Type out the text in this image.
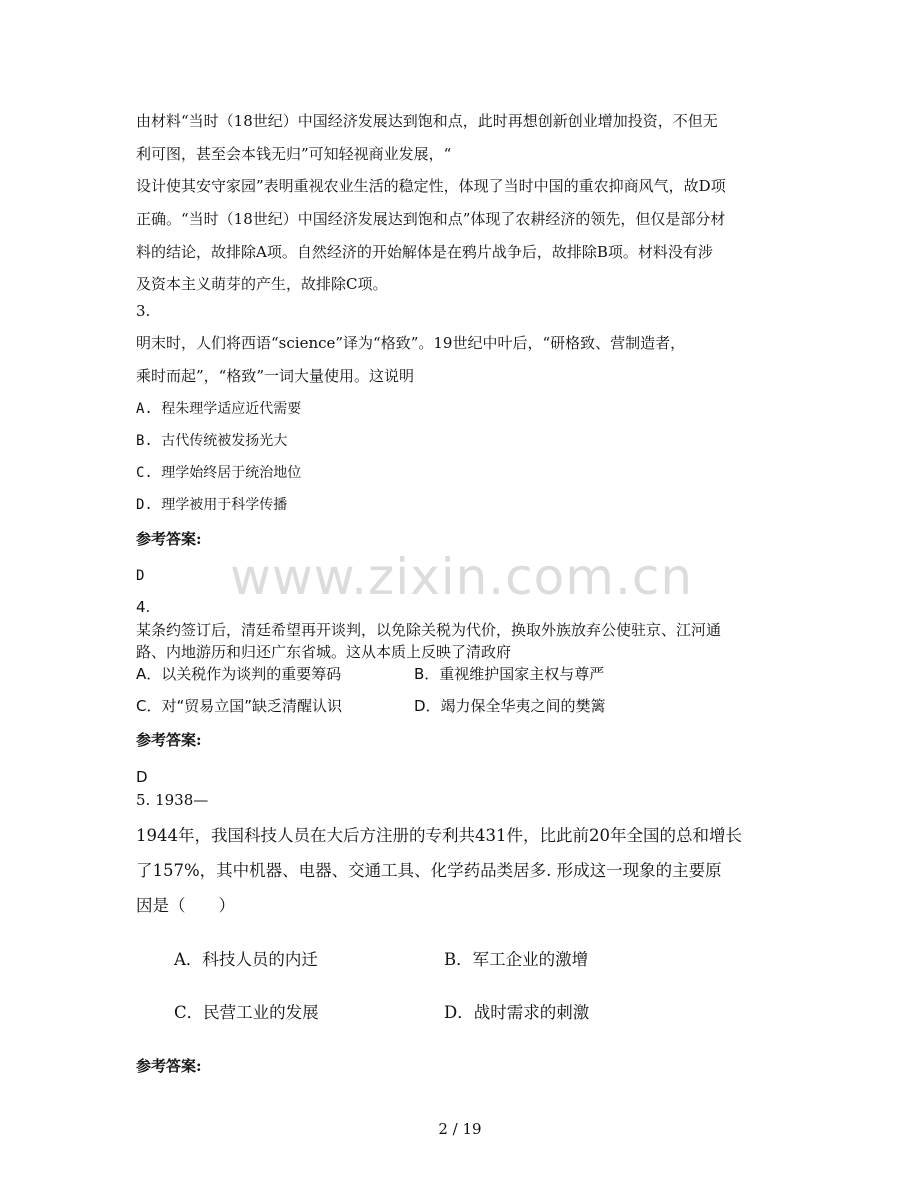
www.zixin.com.cn
由材料“当时（18世纪）中国经济发展达到饱和点，此时再想创新创业增加投资，不但无
利可图，甚至会本钱无归”可知轻视商业发展，“
设计使其安守家园”表明重视农业生活的稳定性，体现了当时中国的重农抑商风气，故D项
正确。“当时（18世纪）中国经济发展达到饱和点”体现了农耕经济的领先，但仅是部分材
料的结论，故排除A项。自然经济的开始解体是在鸦片战争后，故排除B项。材料没有涉
及资本主义萌芽的产生，故排除C项。
3.
明末时，人们将西语“science”译为“格致”。19世纪中叶后，“研格致、营制造者，
乘时而起”，“格致”一词大量使用。这说明
A. 程朱理学适应近代需要
B. 古代传统被发扬光大
C. 理学始终居于统治地位
D. 理学被用于科学传播
参考答案:
D
4.
某条约签订后，清廷希望再开谈判，以免除关税为代价，换取外族放弃公使驻京、江河通
路、内地游历和归还广东省城。这从本质上反映了清政府
A．以关税作为谈判的重要筹码	B．重视维护国家主权与尊严
C．对“贸易立国”缺乏清醒认识	D．竭力保全华夷之间的樊篱
参考答案:
D
5. 1938—
1944年，我国科技人员在大后方注册的专利共431件，比此前20年全国的总和增长
了157%，其中机器、电器、交通工具、化学药品类居多. 形成这一现象的主要原
因是（　　）
A．科技人员的内迁	B．军工企业的激增
C．民营工业的发展	D．战时需求的刺激
参考答案:
2 / 19
